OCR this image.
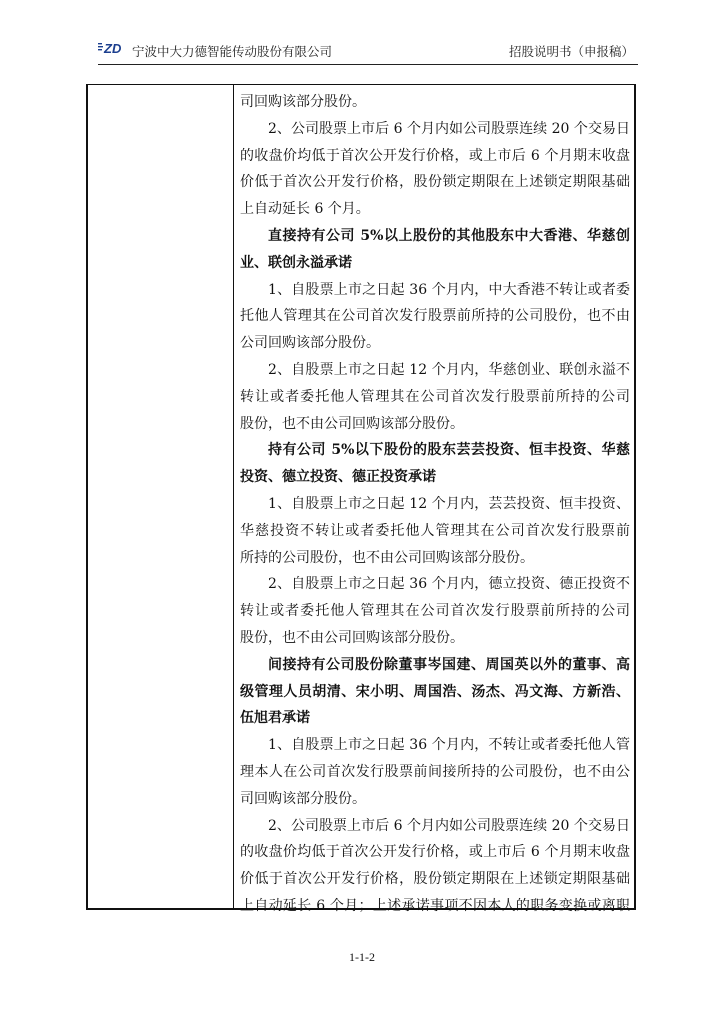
ZD 宁波中大力德智能传动股份有限公司	招股说明书（申报稿）
司回购该部分股份。
2、公司股票上市后 6 个月内如公司股票连续 20 个交易日
的收盘价均低于首次公开发行价格，或上市后 6 个月期末收盘
价低于首次公开发行价格，股份锁定期限在上述锁定期限基础
上自动延长 6 个月。
直接持有公司 5%以上股份的其他股东中大香港、华慈创
业、联创永溢承诺
1、自股票上市之日起 36 个月内，中大香港不转让或者委
托他人管理其在公司首次发行股票前所持的公司股份，也不由
公司回购该部分股份。
2、自股票上市之日起 12 个月内，华慈创业、联创永溢不
转让或者委托他人管理其在公司首次发行股票前所持的公司
股份，也不由公司回购该部分股份。
持有公司 5%以下股份的股东芸芸投资、恒丰投资、华慈
投资、德立投资、德正投资承诺
1、自股票上市之日起 12 个月内，芸芸投资、恒丰投资、
华慈投资不转让或者委托他人管理其在公司首次发行股票前
所持的公司股份，也不由公司回购该部分股份。
2、自股票上市之日起 36 个月内，德立投资、德正投资不
转让或者委托他人管理其在公司首次发行股票前所持的公司
股份，也不由公司回购该部分股份。
间接持有公司股份除董事岑国建、周国英以外的董事、高
级管理人员胡清、宋小明、周国浩、汤杰、冯文海、方新浩、
伍旭君承诺
1、自股票上市之日起 36 个月内，不转让或者委托他人管
理本人在公司首次发行股票前间接所持的公司股份，也不由公
司回购该部分股份。
2、公司股票上市后 6 个月内如公司股票连续 20 个交易日
的收盘价均低于首次公开发行价格，或上市后 6 个月期末收盘
价低于首次公开发行价格，股份锁定期限在上述锁定期限基础
上自动延长 6 个月；上述承诺事项不因本人的职务变换或离职
1-1-2
